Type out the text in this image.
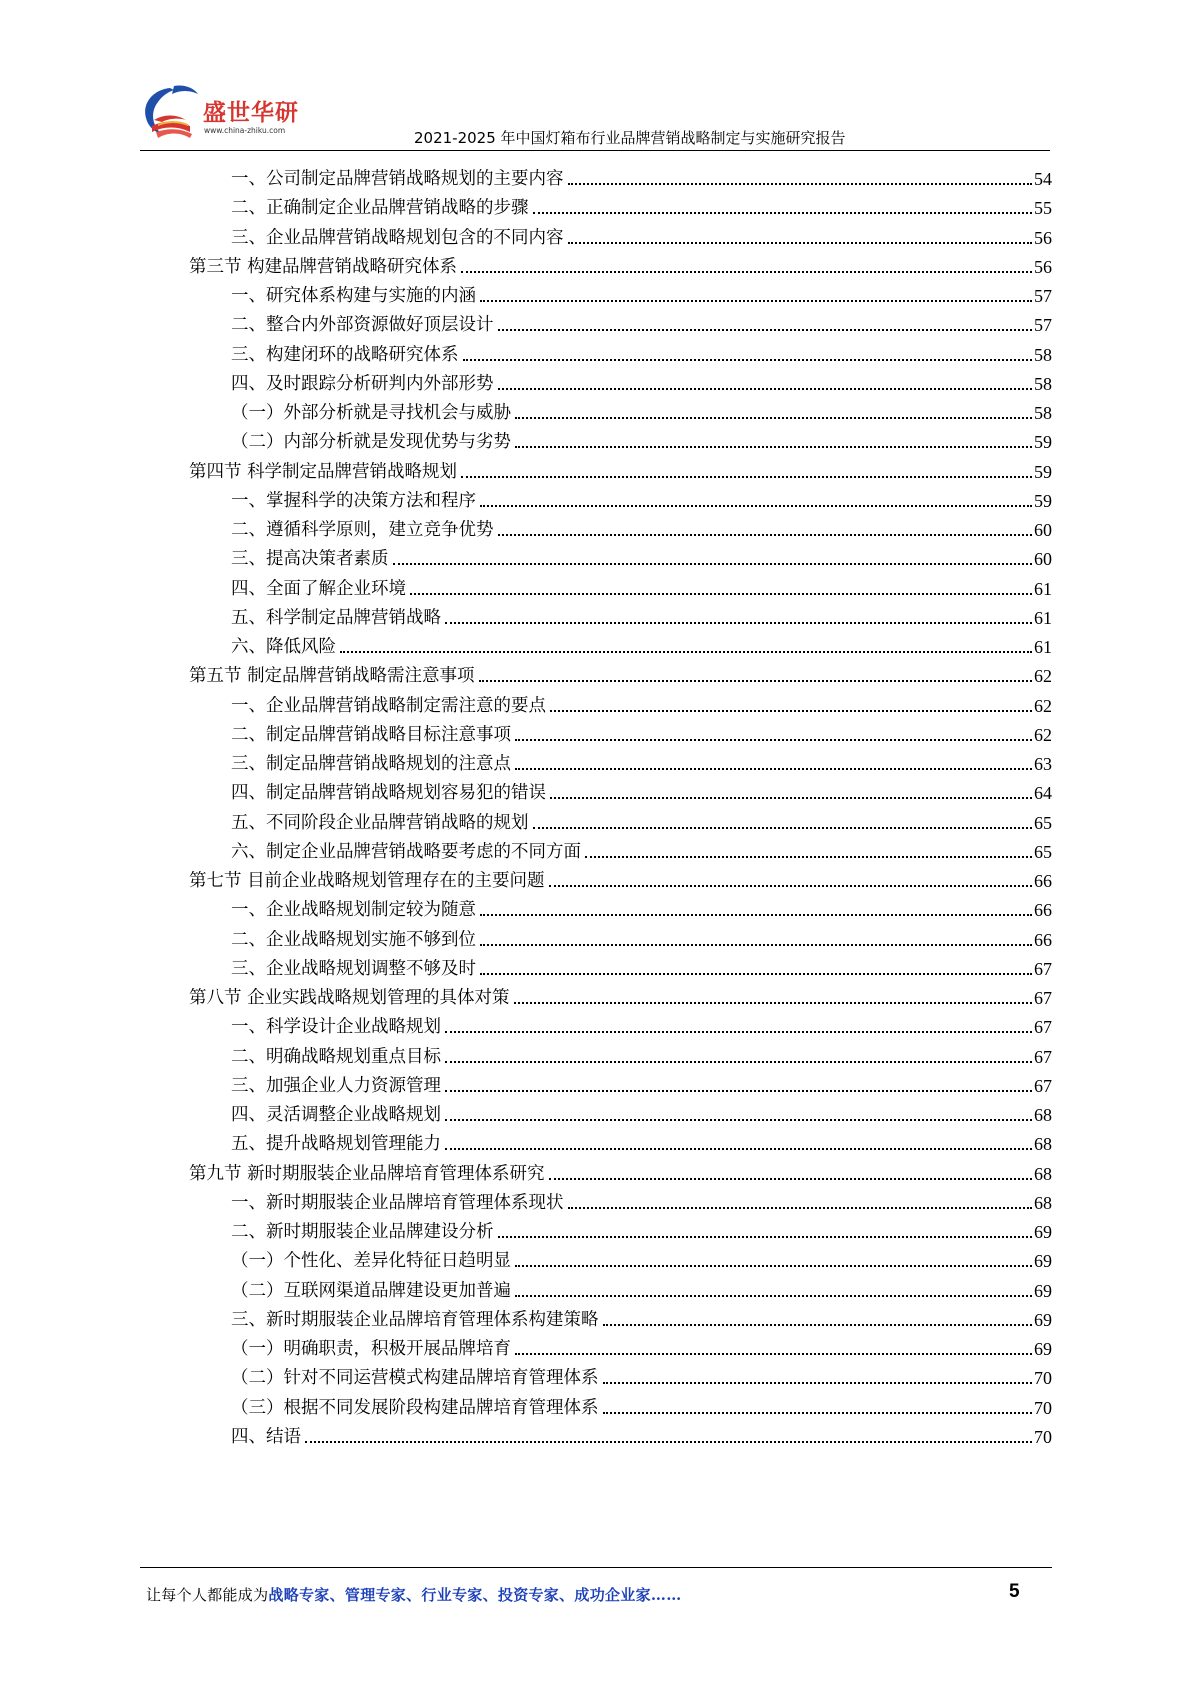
盛世华研
www.china-zhiku.com	2021-2025 年中国灯箱布行业品牌营销战略制定与实施研究报告
一、公司制定品牌营销战略规划的主要内容	54
二、正确制定企业品牌营销战略的步骤	55
三、企业品牌营销战略规划包含的不同内容	56
第三节 构建品牌营销战略研究体系	56
一、研究体系构建与实施的内涵	57
二、整合内外部资源做好顶层设计	57
三、构建闭环的战略研究体系	58
四、及时跟踪分析研判内外部形势	58
（一）外部分析就是寻找机会与威胁	58
（二）内部分析就是发现优势与劣势	59
第四节 科学制定品牌营销战略规划	59
一、掌握科学的决策方法和程序	59
二、遵循科学原则，建立竞争优势	60
三、提高决策者素质	60
四、全面了解企业环境	61
五、科学制定品牌营销战略	61
六、降低风险	61
第五节 制定品牌营销战略需注意事项	62
一、企业品牌营销战略制定需注意的要点	62
二、制定品牌营销战略目标注意事项	62
三、制定品牌营销战略规划的注意点	63
四、制定品牌营销战略规划容易犯的错误	64
五、不同阶段企业品牌营销战略的规划	65
六、制定企业品牌营销战略要考虑的不同方面	65
第七节 目前企业战略规划管理存在的主要问题	66
一、企业战略规划制定较为随意	66
二、企业战略规划实施不够到位	66
三、企业战略规划调整不够及时	67
第八节 企业实践战略规划管理的具体对策	67
一、科学设计企业战略规划	67
二、明确战略规划重点目标	67
三、加强企业人力资源管理	67
四、灵活调整企业战略规划	68
五、提升战略规划管理能力	68
第九节 新时期服装企业品牌培育管理体系研究	68
一、新时期服装企业品牌培育管理体系现状	68
二、新时期服装企业品牌建设分析	69
（一）个性化、差异化特征日趋明显	69
（二）互联网渠道品牌建设更加普遍	69
三、新时期服装企业品牌培育管理体系构建策略	69
（一）明确职责，积极开展品牌培育	69
（二）针对不同运营模式构建品牌培育管理体系	70
（三）根据不同发展阶段构建品牌培育管理体系	70
四、结语	70
让每个人都能成为战略专家、管理专家、行业专家、投资专家、成功企业家……	5
